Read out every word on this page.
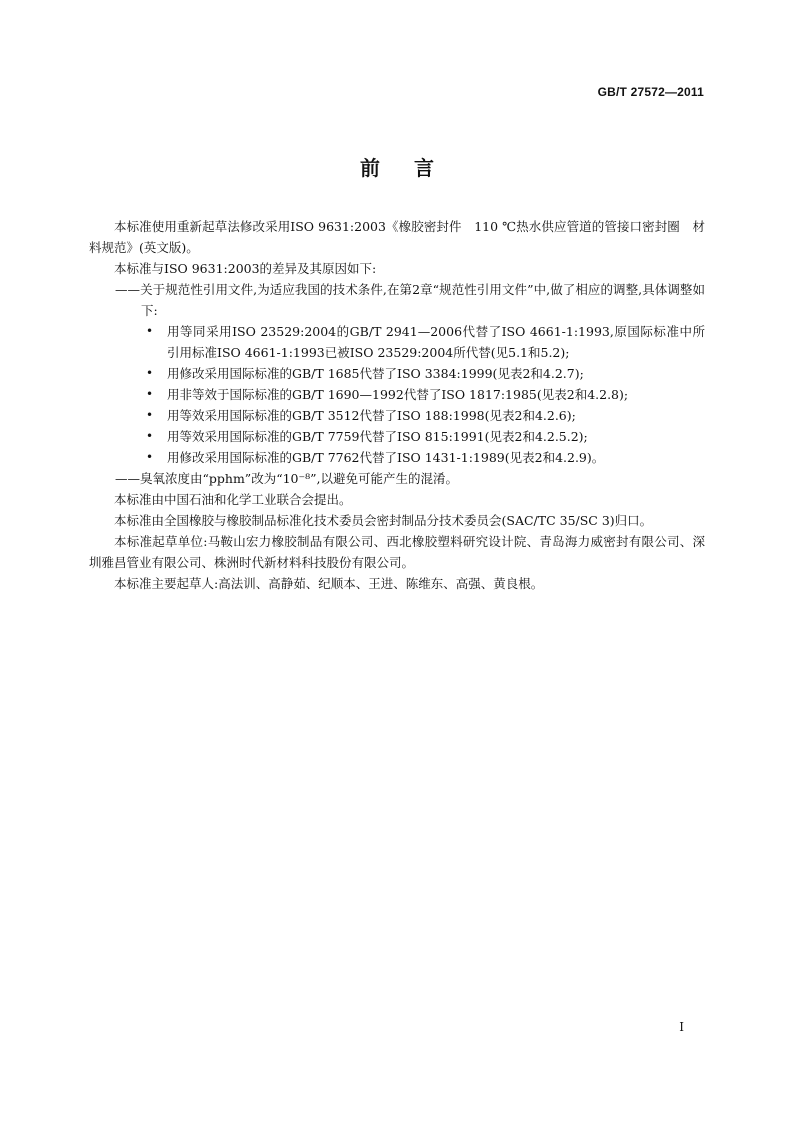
GB/T 27572—2011
前言

本标准使用重新起草法修改采用ISO 9631:2003《橡胶密封件　110 ℃热水供应管道的管接口密封圈　材料规范》(英文版)。

本标准与ISO 9631:2003的差异及其原因如下:

——关于规范性引用文件,为适应我国的技术条件,在第2章“规范性引用文件”中,做了相应的调整,具体调整如下:

• 用等同采用ISO 23529:2004的GB/T 2941—2006代替了ISO 4661-1:1993,原国际标准中所引用标准ISO 4661-1:1993已被ISO 23529:2004所代替(见5.1和5.2);

• 用修改采用国际标准的GB/T 1685代替了ISO 3384:1999(见表2和4.2.7);

• 用非等效于国际标准的GB/T 1690—1992代替了ISO 1817:1985(见表2和4.2.8);

• 用等效采用国际标准的GB/T 3512代替了ISO 188:1998(见表2和4.2.6);

• 用等效采用国际标准的GB/T 7759代替了ISO 815:1991(见表2和4.2.5.2);

• 用修改采用国际标准的GB/T 7762代替了ISO 1431-1:1989(见表2和4.2.9)。

——臭氧浓度由“pphm”改为“10⁻⁸”,以避免可能产生的混淆。

本标准由中国石油和化学工业联合会提出。

本标准由全国橡胶与橡胶制品标准化技术委员会密封制品分技术委员会(SAC/TC 35/SC 3)归口。

本标准起草单位:马鞍山宏力橡胶制品有限公司、西北橡胶塑料研究设计院、青岛海力威密封有限公司、深圳雅昌管业有限公司、株洲时代新材料科技股份有限公司。

本标准主要起草人:高法训、高静茹、纪顺本、王进、陈维东、高强、黄良根。

I
